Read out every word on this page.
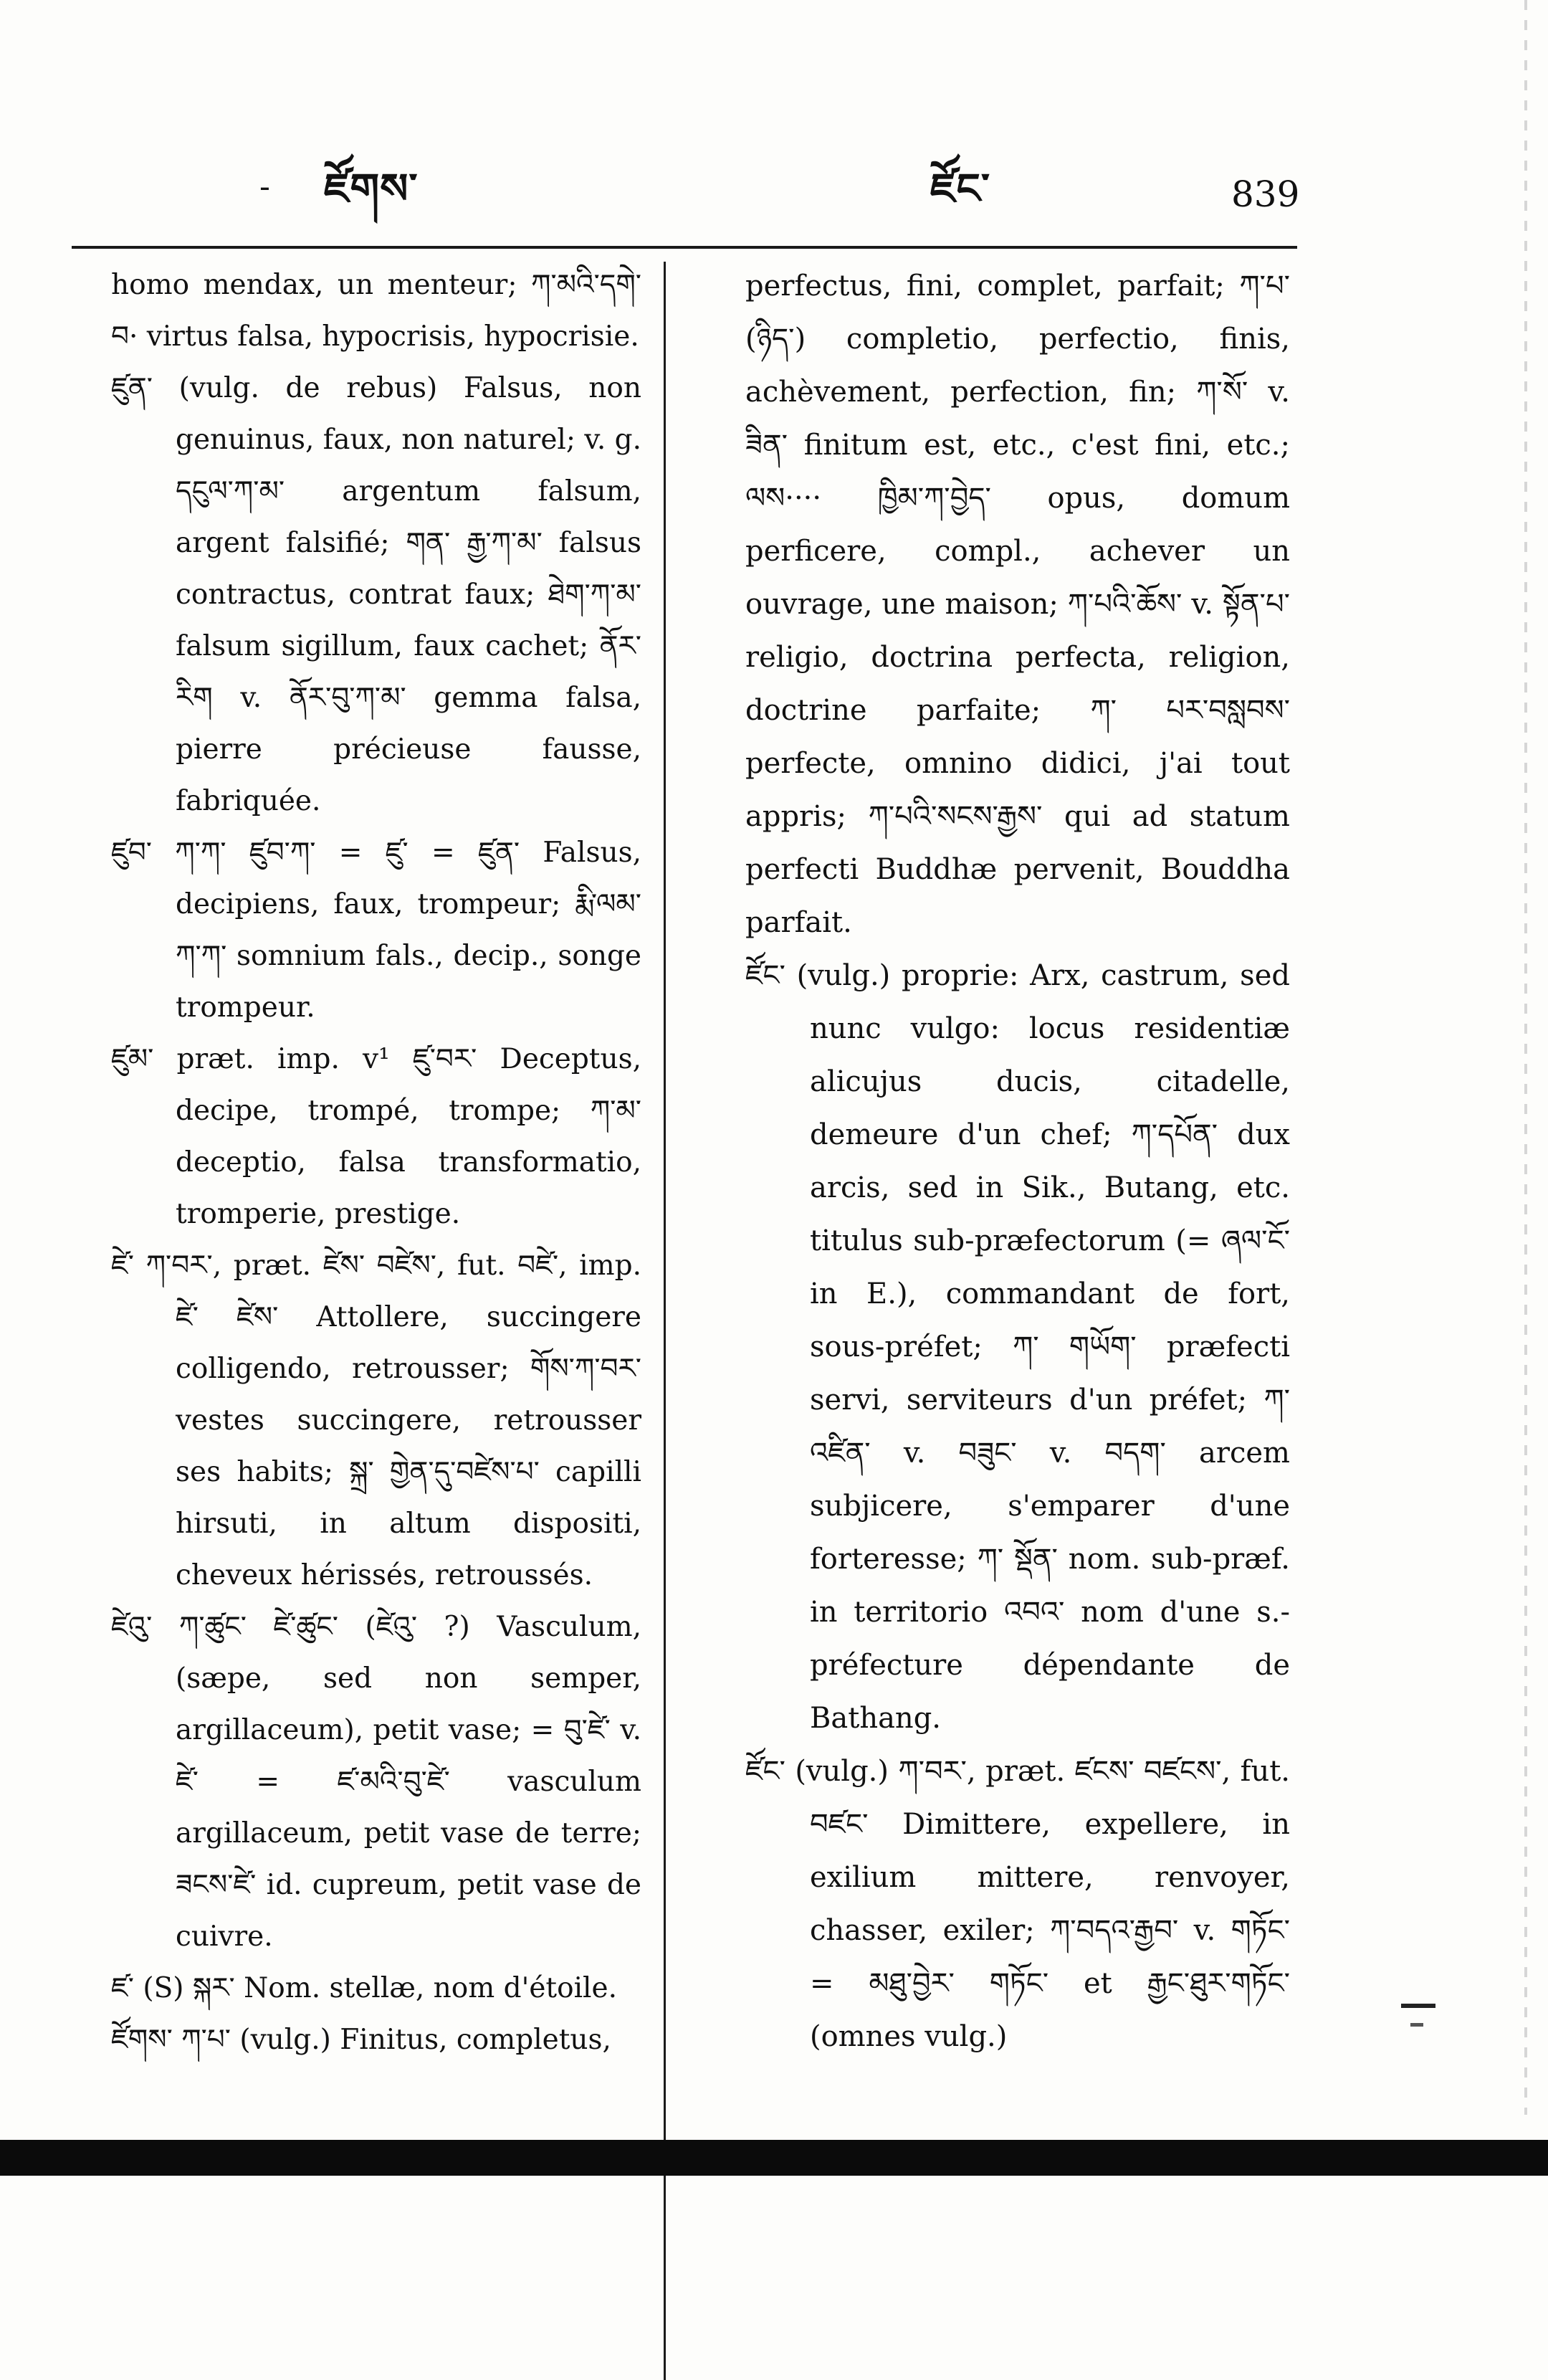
- ཛོགས་	ཛོང་	839

homo mendax, un menteur; ཀ་མའི་དགེ་བ· virtus falsa, hypocrisis, hypocrisie.

ཛུན་ (vulg. de rebus) Falsus, non genuinus, faux, non naturel; v. g. དངུལ་ཀ་མ་ argentum falsum, argent falsifié; གན་ རྒྱ་ཀ་མ་ falsus contractus, contrat faux; ཐེག་ཀ་མ་ falsum sigillum, faux cachet; ནོར་རིག v. ནོར་བུ་ཀ་མ་ gemma falsa, pierre précieuse fausse, fabriquée.

ཛུབ་ ཀ་ཀ་ ཛུབ་ཀ་ = ཛུ་ = ཛུན་ Falsus, decipiens, faux, trompeur; རྨི་ལམ་ཀ་ཀ་ somnium fals., decip., songe trompeur.

ཛུམ་ præt. imp. v¹ ཛུ་བར་ Deceptus, decipe, trompé, trompe; ཀ་མ་ deceptio, falsa transformatio, tromperie, prestige.

ཛེ་ ཀ་བར་, præt. ཛེས་ བཛེས་, fut. བཛེ་, imp. ཛེ་ ཛེས་ Attollere, succingere colligendo, retrousser; གོས་ཀ་བར་ vestes succingere, retrousser ses habits; སྐྲ་ གྱེན་དུ་བཛེས་པ་ capilli hirsuti, in altum dispositi, cheveux hérissés, retroussés.

ཛེའུ་ ཀ་ཚུང་ ཛེ་ཚུང་ (ཛེའུ་ ?) Vasculum, (sæpe, sed non semper, argillaceum), petit vase; = བུ་ཛེ་ v. ཛེ་ = ཛ་མའི་བུ་ཛེ་ vasculum argillaceum, petit vase de terre; ཟངས་ཛེ་ id. cupreum, petit vase de cuivre.

ཛ་ (S) སྐར་ Nom. stellæ, nom d'étoile.

ཛོགས་ ཀ་པ་ (vulg.) Finitus, completus,

perfectus, fini, complet, parfait; ཀ་པ་ (ཉིད་) completio, perfectio, finis, achèvement, perfection, fin; ཀ་སོ་ v. ཟིན་ finitum est, etc., c'est fini, etc.; ལས···· ཁྱིམ་ཀ་བྱེད་ opus, domum perficere, compl., achever un ouvrage, une maison; ཀ་པའི་ཆོས་ v. སྟོན་པ་ religio, doctrina perfecta, religion, doctrine parfaite; ཀ་ པར་བསླབས་ perfecte, omnino didici, j'ai tout appris; ཀ་པའི་སངས་རྒྱས་ qui ad statum perfecti Buddhæ pervenit, Bouddha parfait.

ཛོང་ (vulg.) proprie: Arx, castrum, sed nunc vulgo: locus residentiæ alicujus ducis, citadelle, demeure d'un chef; ཀ་དཔོན་ dux arcis, sed in Sik., Butang, etc. titulus sub-præfectorum (= ཞལ་ངོ་ in E.), commandant de fort, sous-préfet; ཀ་ གཡོག་ præfecti servi, serviteurs d'un préfet; ཀ་འཛིན་ v. བཟུང་ v. བདག་ arcem subjicere, s'emparer d'une forteresse; ཀ་ སྡོན་ nom. sub-præf. in territorio འབའ་ nom d'une s.-préfecture dépendante de Bathang.

ཛོང་ (vulg.) ཀ་བར་, præt. ཛངས་ བཛངས་, fut. བཛང་ Dimittere, expellere, in exilium mittere, renvoyer, chasser, exiler; ཀ་བདའ་རྒྱབ་ v. གཏོང་ = མཐུ་བྱེར་ གཏོང་ et རྒྱང་ཐུར་གཏོང་ (omnes vulg.)
